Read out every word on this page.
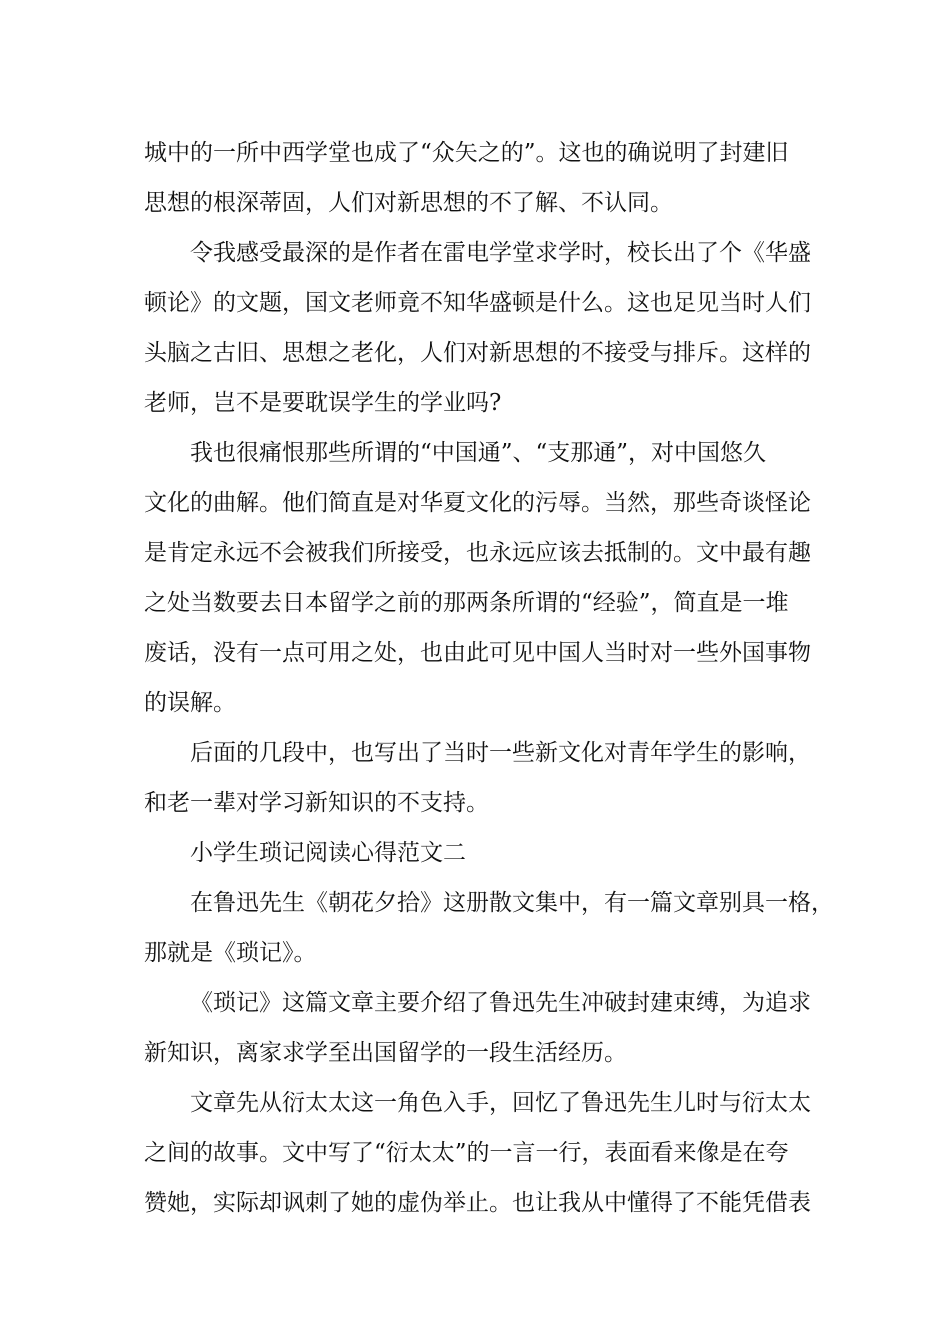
城中的一所中西学堂也成了“众矢之的”。这也的确说明了封建旧
思想的根深蒂固，人们对新思想的不了解、不认同。
令我感受最深的是作者在雷电学堂求学时，校长出了个《华盛
顿论》的文题，国文老师竟不知华盛顿是什么。这也足见当时人们
头脑之古旧、思想之老化，人们对新思想的不接受与排斥。这样的
老师，岂不是要耽误学生的学业吗?
我也很痛恨那些所谓的“中国通”、“支那通”，对中国悠久
文化的曲解。他们简直是对华夏文化的污辱。当然，那些奇谈怪论
是肯定永远不会被我们所接受，也永远应该去抵制的。文中最有趣
之处当数要去日本留学之前的那两条所谓的“经验”，简直是一堆
废话，没有一点可用之处，也由此可见中国人当时对一些外国事物
的误解。
后面的几段中，也写出了当时一些新文化对青年学生的影响，
和老一辈对学习新知识的不支持。
小学生琐记阅读心得范文二
在鲁迅先生《朝花夕拾》这册散文集中，有一篇文章别具一格，
那就是《琐记》。
《琐记》这篇文章主要介绍了鲁迅先生冲破封建束缚，为追求
新知识，离家求学至出国留学的一段生活经历。
文章先从衍太太这一角色入手，回忆了鲁迅先生儿时与衍太太
之间的故事。文中写了“衍太太”的一言一行，表面看来像是在夸
赞她，实际却讽刺了她的虚伪举止。也让我从中懂得了不能凭借表
